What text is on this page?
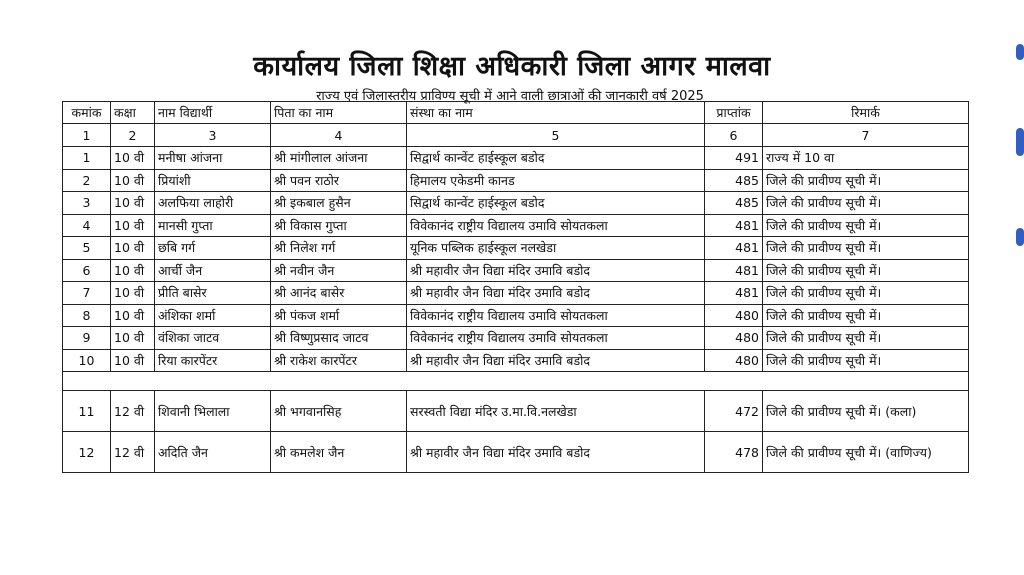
कार्यालय जिला शिक्षा अधिकारी जिला आगर मालवा
राज्य एवं जिलास्तरीय प्राविण्य सूची में आने वाली छात्राओं की जानकारी वर्ष 2025
कमांक	कक्षा	नाम विद्यार्थी	पिता का नाम	संस्था का नाम	प्राप्तांक	रिमार्क
1	2	3	4	5	6	7
1	10 वी	मनीषा आंजना	श्री मांगीलाल आंजना	सिद्वार्थ कान्वेंट हाईस्कूल बडोद	491	राज्य में 10 वा
2	10 वी	प्रियांशी	श्री पवन राठोर	हिमालय एकेडमी कानड	485	जिले की प्रावीण्य सूची में।
3	10 वी	अलफिया लाहोरी	श्री इकबाल हुसैन	सिद्वार्थ कान्वेंट हाईस्कूल बडोद	485	जिले की प्रावीण्य सूची में।
4	10 वी	मानसी गुप्ता	श्री विकास गुप्ता	विवेकानंद राष्ट्रीय विद्यालय उमावि सोयतकला	481	जिले की प्रावीण्य सूची में।
5	10 वी	छबि गर्ग	श्री निलेश गर्ग	यूनिक पब्लिक हाईस्कूल नलखेडा	481	जिले की प्रावीण्य सूची में।
6	10 वी	आर्ची जैन	श्री नवीन जैन	श्री महावीर जैन विद्या मंदिर उमावि बडोद	481	जिले की प्रावीण्य सूची में।
7	10 वी	प्रीति बासेर	श्री आनंद बासेर	श्री महावीर जैन विद्या मंदिर उमावि बडोद	481	जिले की प्रावीण्य सूची में।
8	10 वी	अंशिका शर्मा	श्री पंकज शर्मा	विवेकानंद राष्ट्रीय विद्यालय उमावि सोयतकला	480	जिले की प्रावीण्य सूची में।
9	10 वी	वंशिका जाटव	श्री विष्णुप्रसाद जाटव	विवेकानंद राष्ट्रीय विद्यालय उमावि सोयतकला	480	जिले की प्रावीण्य सूची में।
10	10 वी	रिया कारपेंटर	श्री राकेश कारपेंटर	श्री महावीर जैन विद्या मंदिर उमावि बडोद	480	जिले की प्रावीण्य सूची में।

11	12 वी	शिवानी भिलाला	श्री भगवानसिह	सरस्वती विद्या मंदिर उ.मा.वि.नलखेडा	472	जिले की प्रावीण्य सूची में। (कला)
12	12 वी	अदिति जैन	श्री कमलेश जैन	श्री महावीर जैन विद्या मंदिर उमावि बडोद	478	जिले की प्रावीण्य सूची में। (वाणिज्य)
